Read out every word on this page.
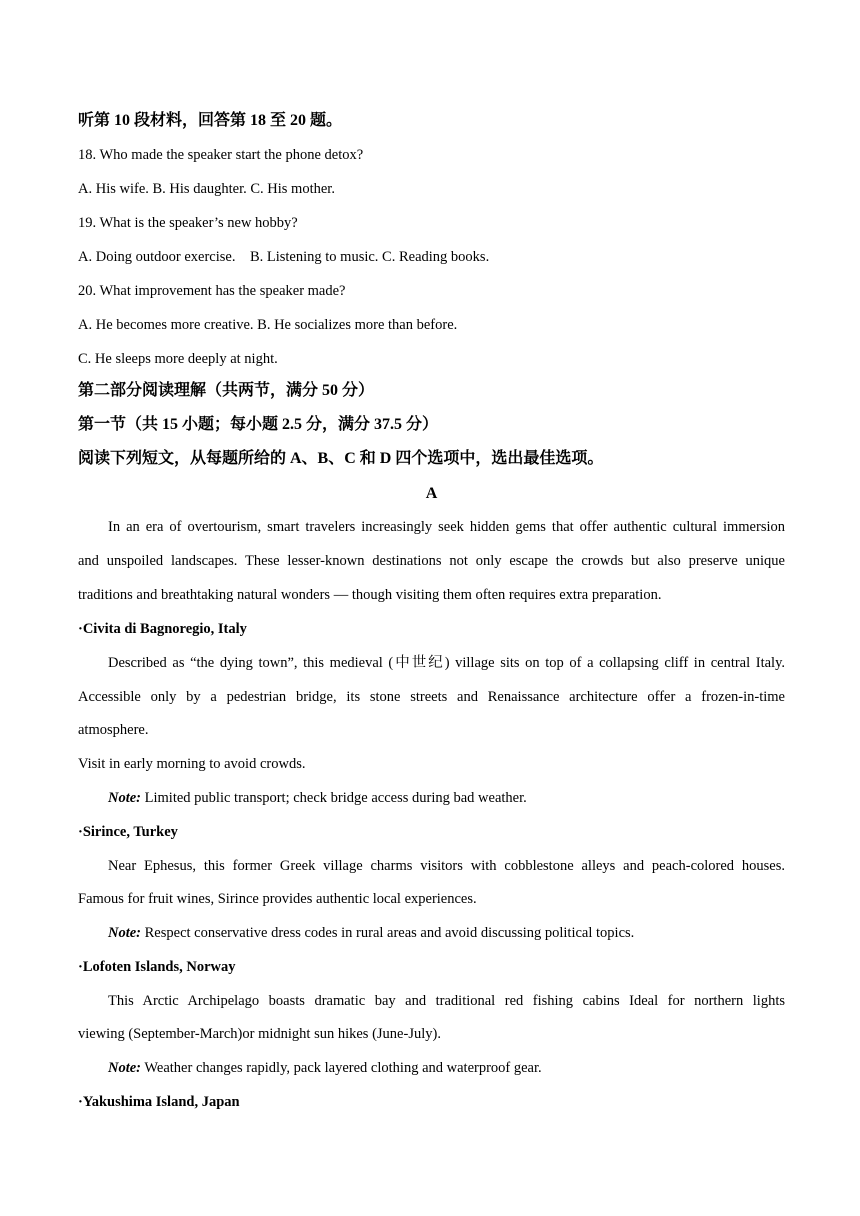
听第 10 段材料，回答第 18 至 20 题。
18. Who made the speaker start the phone detox?
A. His wife. B. His daughter. C. His mother.
19. What is the speaker’s new hobby?
A. Doing outdoor exercise.    B. Listening to music. C. Reading books.
20. What improvement has the speaker made?
A. He becomes more creative. B. He socializes more than before.
C. He sleeps more deeply at night.
第二部分阅读理解（共两节，满分 50 分）
第一节（共 15 小题；每小题 2.5 分，满分 37.5 分）
阅读下列短文，从每题所给的 A、B、C 和 D 四个选项中，选出最佳选项。
A
In an era of overtourism, smart travelers increasingly seek hidden gems that offer authentic cultural immersion
and unspoiled landscapes. These lesser-known destinations not only escape the crowds but also preserve unique
traditions and breathtaking natural wonders — though visiting them often requires extra preparation.
·Civita di Bagnoregio, Italy
Described as “the dying town”, this medieval (中世纪) village sits on top of a collapsing cliff in central Italy.
Accessible only by a pedestrian bridge, its stone streets and Renaissance architecture offer a frozen-in-time
atmosphere.
Visit in early morning to avoid crowds.
Note: Limited public transport; check bridge access during bad weather.
·Sirince, Turkey
Near Ephesus, this former Greek village charms visitors with cobblestone alleys and peach-colored houses.
Famous for fruit wines, Sirince provides authentic local experiences.
Note: Respect conservative dress codes in rural areas and avoid discussing political topics.
·Lofoten Islands, Norway
This Arctic Archipelago boasts dramatic bay and traditional red fishing cabins Ideal for northern lights
viewing (September-March)or midnight sun hikes (June-July).
Note: Weather changes rapidly, pack layered clothing and waterproof gear.
·Yakushima Island, Japan
